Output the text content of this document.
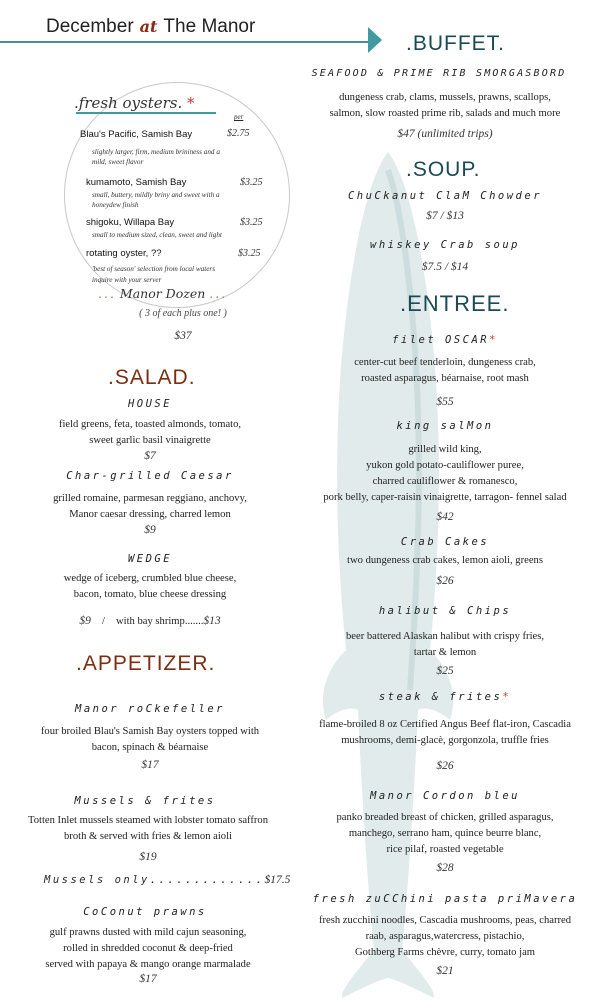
December at The Manor
.fresh oysters. *
per
Blau's Pacific, Samish Bay	$2.75
slightly larger, firm, medium brininess and a
mild, sweet flavor
kumamoto, Samish Bay	$3.25
small, buttery, mildly briny and sweet with a
honeydew finish
shigoku, Willapa Bay	$3.25
small to medium sized, clean, sweet and light
rotating oyster, ??	$3.25
'best of season' selection from local waters
inquire with your server
... Manor Dozen ...
( 3 of each plus one! )
$37
.SALAD.
HOUSE
field greens, feta, toasted almonds, tomato,
sweet garlic basil vinaigrette
$7
Char-grilled Caesar
grilled romaine, parmesan reggiano, anchovy,
Manor caesar dressing, charred lemon
$9
WEDGE
wedge of iceberg, crumbled blue cheese,
bacon, tomato, blue cheese dressing
$9 / with bay shrimp.......$13
.APPETIZER.
Manor roCkefeller
four broiled Blau's Samish Bay oysters topped with
bacon, spinach & béarnaise
$17
Mussels & frites
Totten Inlet mussels steamed with lobster tomato saffron
broth & served with fries & lemon aioli
$19
Mussels only.............$17.5
CoConut prawns
gulf prawns dusted with mild cajun seasoning,
rolled in shredded coconut & deep-fried
served with papaya & mango orange marmalade
$17
.BUFFET.
SEAFOOD & PRIME RIB SMORGASBORD
dungeness crab, clams, mussels, prawns, scallops,
salmon, slow roasted prime rib, salads and much more
$47 (unlimited trips)
.SOUP.
ChuCkanut ClaM Chowder
$7 / $13
whiskey Crab soup
$7.5 / $14
.ENTREE.
filet OSCAR*
center-cut beef tenderloin, dungeness crab,
roasted asparagus, béarnaise, root mash
$55
king salMon
grilled wild king,
yukon gold potato-cauliflower puree,
charred cauliflower & romanesco,
pork belly, caper-raisin vinaigrette, tarragon- fennel salad
$42
Crab Cakes
two dungeness crab cakes, lemon aioli, greens
$26
halibut & Chips
beer battered Alaskan halibut with crispy fries,
tartar & lemon
$25
steak & frites*
flame-broiled 8 oz Certified Angus Beef flat-iron, Cascadia
mushrooms, demi-glacè, gorgonzola, truffle fries
$26
Manor Cordon bleu
panko breaded breast of chicken, grilled asparagus,
manchego, serrano ham, quince beurre blanc,
rice pilaf, roasted vegetable
$28
fresh zuCChini pasta priMavera
fresh zucchini noodles, Cascadia mushrooms, peas, charred
raab, asparagus,watercress, pistachio,
Gothberg Farms chèvre, curry, tomato jam
$21
